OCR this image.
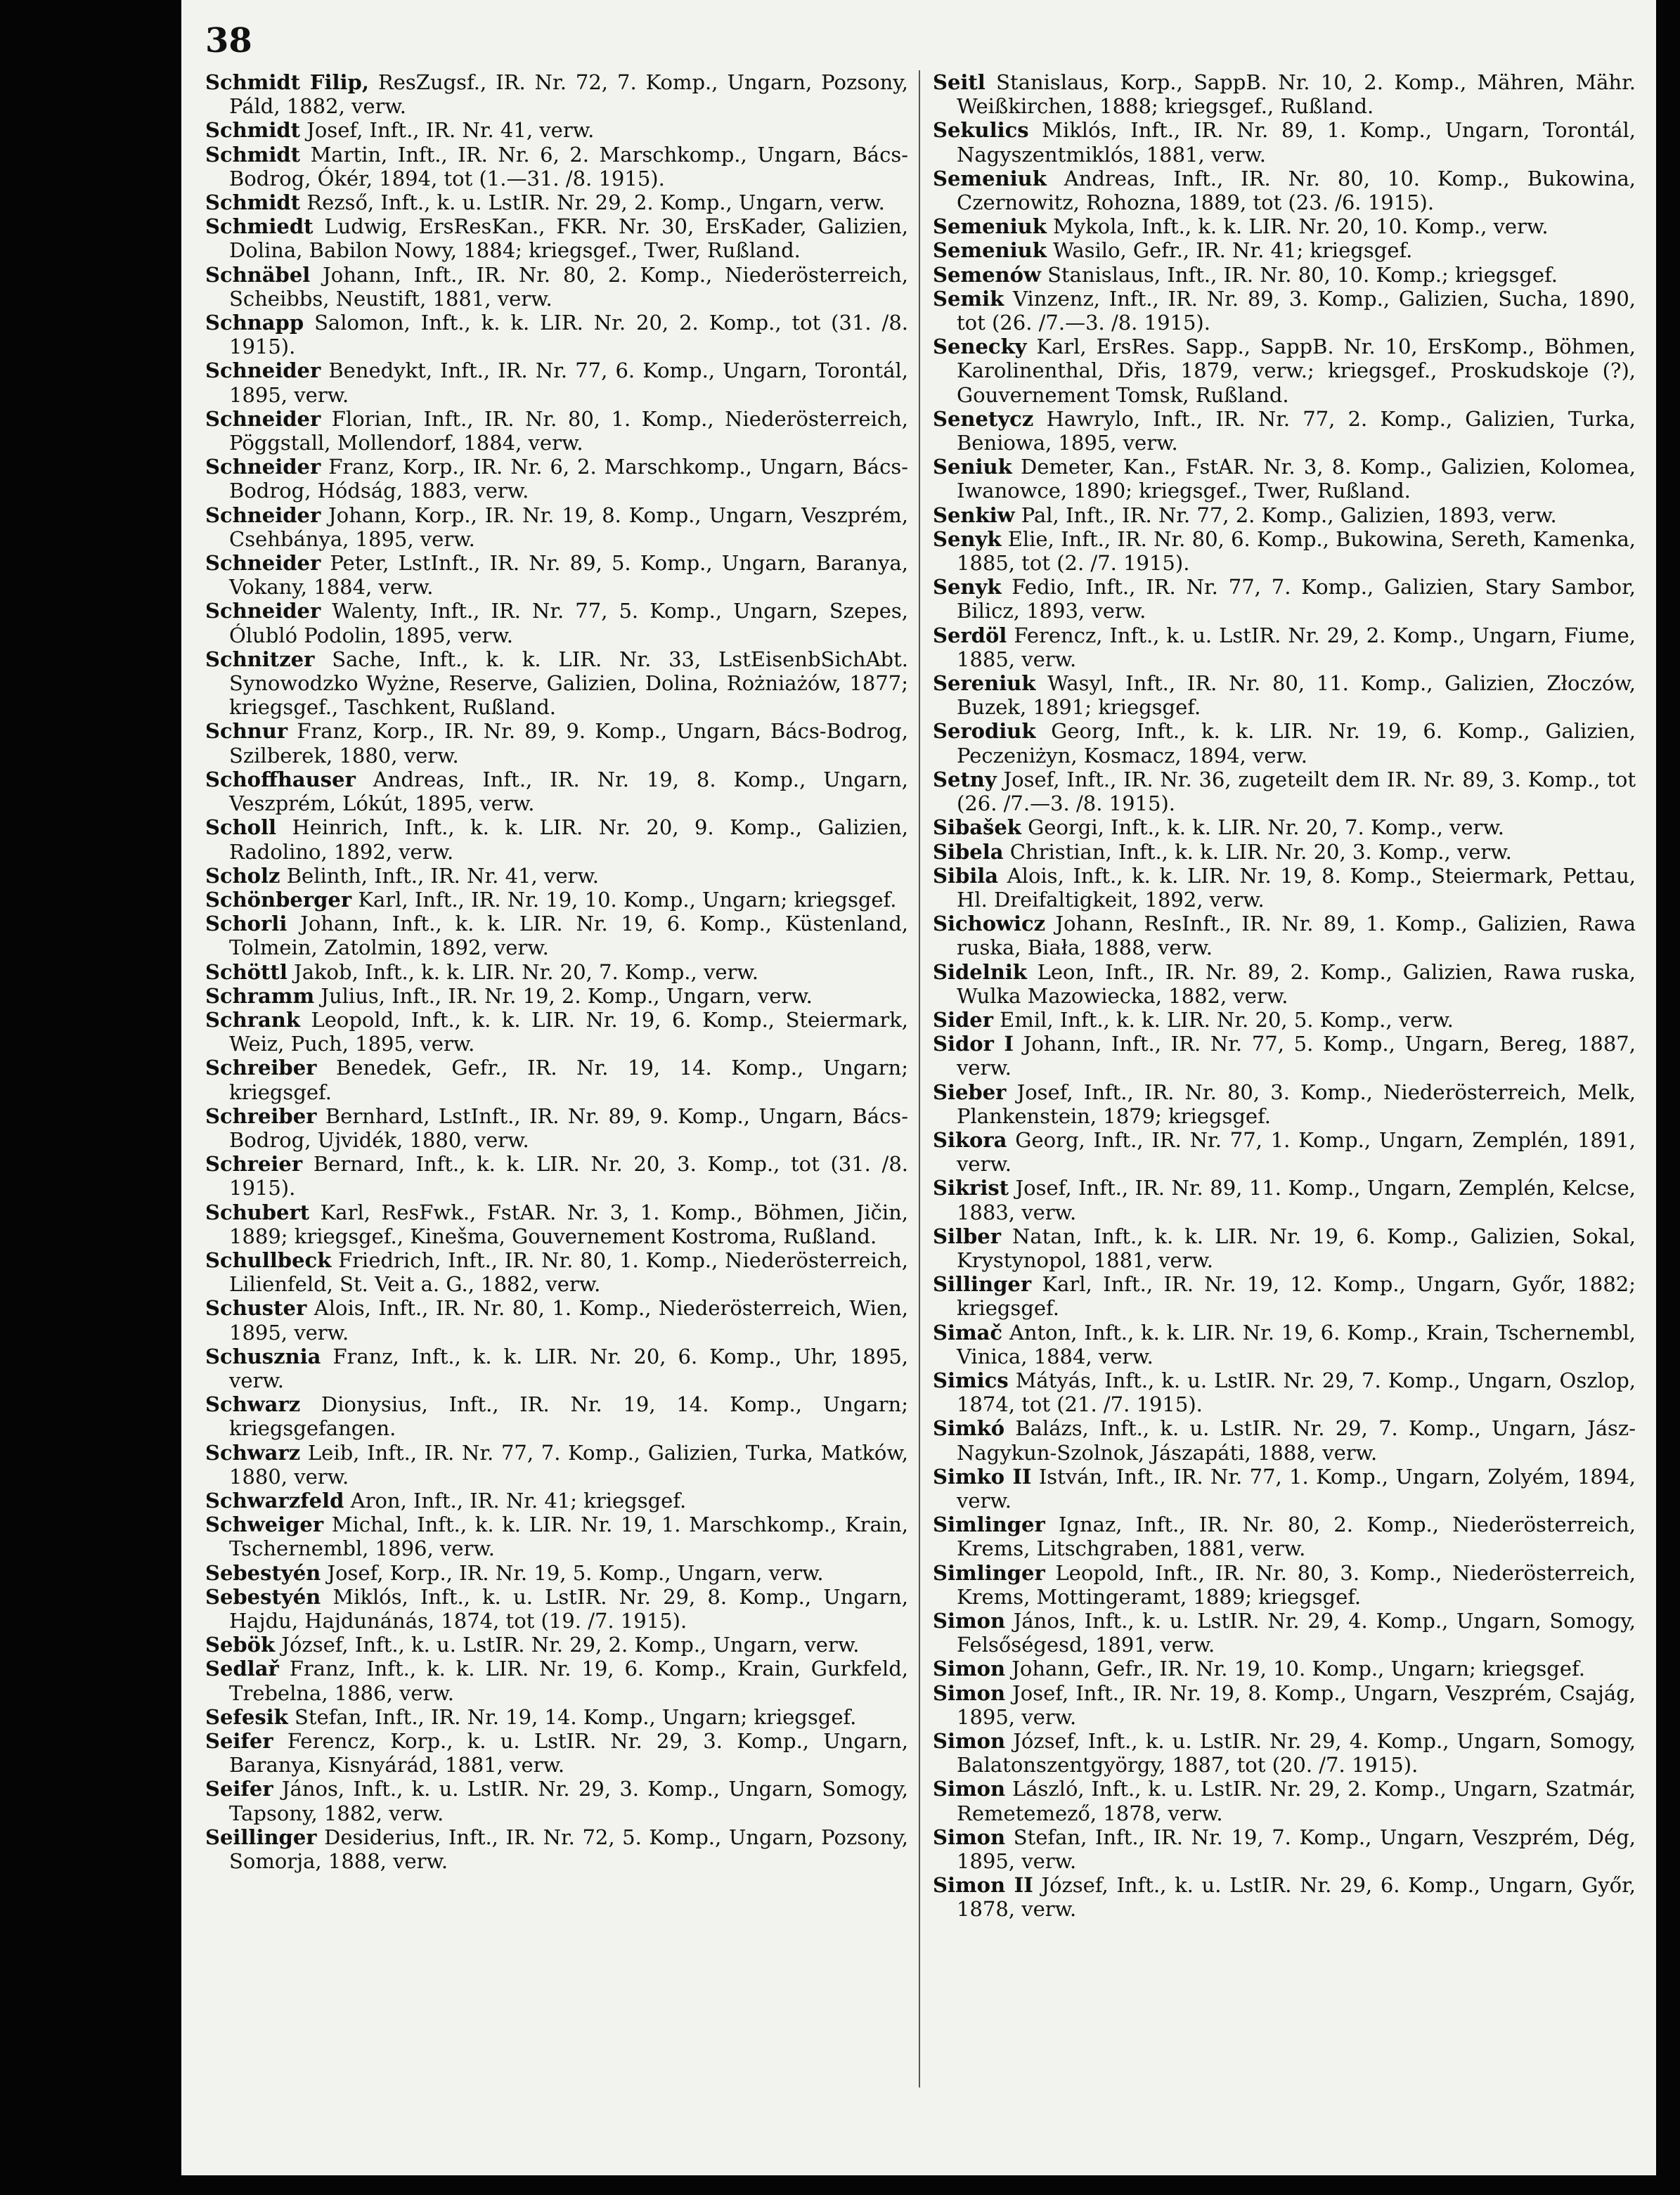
38
Schmidt Filip, ResZugsf., IR. Nr. 72, 7. Komp., Ungarn, Pozsony, Páld, 1882, verw.
Schmidt Josef, Inft., IR. Nr. 41, verw.
Schmidt Martin, Inft., IR. Nr. 6, 2. Marschkomp., Ungarn, Bács-Bodrog, Ókér, 1894, tot (1.—31. /8. 1915).
Schmidt Rezső, Inft., k. u. LstIR. Nr. 29, 2. Komp., Ungarn, verw.
Schmiedt Ludwig, ErsResKan., FKR. Nr. 30, ErsKader, Galizien, Dolina, Babilon Nowy, 1884; kriegsgef., Twer, Rußland.
Schnäbel Johann, Inft., IR. Nr. 80, 2. Komp., Niederösterreich, Scheibbs, Neustift, 1881, verw.
Schnapp Salomon, Inft., k. k. LIR. Nr. 20, 2. Komp., tot (31. /8. 1915).
Schneider Benedykt, Inft., IR. Nr. 77, 6. Komp., Ungarn, Torontál, 1895, verw.
Schneider Florian, Inft., IR. Nr. 80, 1. Komp., Niederösterreich, Pöggstall, Mollendorf, 1884, verw.
Schneider Franz, Korp., IR. Nr. 6, 2. Marschkomp., Ungarn, Bács-Bodrog, Hódság, 1883, verw.
Schneider Johann, Korp., IR. Nr. 19, 8. Komp., Ungarn, Veszprém, Csehbánya, 1895, verw.
Schneider Peter, LstInft., IR. Nr. 89, 5. Komp., Ungarn, Baranya, Vokany, 1884, verw.
Schneider Walenty, Inft., IR. Nr. 77, 5. Komp., Ungarn, Szepes, Ólubló Podolin, 1895, verw.
Schnitzer Sache, Inft., k. k. LIR. Nr. 33, LstEisenbSichAbt. Synowodzko Wyżne, Reserve, Galizien, Dolina, Rożniażów, 1877; kriegsgef., Taschkent, Rußland.
Schnur Franz, Korp., IR. Nr. 89, 9. Komp., Ungarn, Bács-Bodrog, Szilberek, 1880, verw.
Schoffhauser Andreas, Inft., IR. Nr. 19, 8. Komp., Ungarn, Veszprém, Lókút, 1895, verw.
Scholl Heinrich, Inft., k. k. LIR. Nr. 20, 9. Komp., Galizien, Radolino, 1892, verw.
Scholz Belinth, Inft., IR. Nr. 41, verw.
Schönberger Karl, Inft., IR. Nr. 19, 10. Komp., Ungarn; kriegsgef.
Schorli Johann, Inft., k. k. LIR. Nr. 19, 6. Komp., Küstenland, Tolmein, Zatolmin, 1892, verw.
Schöttl Jakob, Inft., k. k. LIR. Nr. 20, 7. Komp., verw.
Schramm Julius, Inft., IR. Nr. 19, 2. Komp., Ungarn, verw.
Schrank Leopold, Inft., k. k. LIR. Nr. 19, 6. Komp., Steiermark, Weiz, Puch, 1895, verw.
Schreiber Benedek, Gefr., IR. Nr. 19, 14. Komp., Ungarn; kriegsgef.
Schreiber Bernhard, LstInft., IR. Nr. 89, 9. Komp., Ungarn, Bács-Bodrog, Ujvidék, 1880, verw.
Schreier Bernard, Inft., k. k. LIR. Nr. 20, 3. Komp., tot (31. /8. 1915).
Schubert Karl, ResFwk., FstAR. Nr. 3, 1. Komp., Böhmen, Jičin, 1889; kriegsgef., Kinešma, Gouvernement Kostroma, Rußland.
Schullbeck Friedrich, Inft., IR. Nr. 80, 1. Komp., Niederösterreich, Lilienfeld, St. Veit a. G., 1882, verw.
Schuster Alois, Inft., IR. Nr. 80, 1. Komp., Niederösterreich, Wien, 1895, verw.
Schusznia Franz, Inft., k. k. LIR. Nr. 20, 6. Komp., Uhr, 1895, verw.
Schwarz Dionysius, Inft., IR. Nr. 19, 14. Komp., Ungarn; kriegsgefangen.
Schwarz Leib, Inft., IR. Nr. 77, 7. Komp., Galizien, Turka, Matków, 1880, verw.
Schwarzfeld Aron, Inft., IR. Nr. 41; kriegsgef.
Schweiger Michal, Inft., k. k. LIR. Nr. 19, 1. Marschkomp., Krain, Tschernembl, 1896, verw.
Sebestyén Josef, Korp., IR. Nr. 19, 5. Komp., Ungarn, verw.
Sebestyén Miklós, Inft., k. u. LstIR. Nr. 29, 8. Komp., Ungarn, Hajdu, Hajdunánás, 1874, tot (19. /7. 1915).
Sebök József, Inft., k. u. LstIR. Nr. 29, 2. Komp., Ungarn, verw.
Sedlař Franz, Inft., k. k. LIR. Nr. 19, 6. Komp., Krain, Gurkfeld, Trebelna, 1886, verw.
Sefesik Stefan, Inft., IR. Nr. 19, 14. Komp., Ungarn; kriegsgef.
Seifer Ferencz, Korp., k. u. LstIR. Nr. 29, 3. Komp., Ungarn, Baranya, Kisnyárád, 1881, verw.
Seifer János, Inft., k. u. LstIR. Nr. 29, 3. Komp., Ungarn, Somogy, Tapsony, 1882, verw.
Seillinger Desiderius, Inft., IR. Nr. 72, 5. Komp., Ungarn, Pozsony, Somorja, 1888, verw.
Seitl Stanislaus, Korp., SappB. Nr. 10, 2. Komp., Mähren, Mähr. Weißkirchen, 1888; kriegsgef., Rußland.
Sekulics Miklós, Inft., IR. Nr. 89, 1. Komp., Ungarn, Torontál, Nagyszentmiklós, 1881, verw.
Semeniuk Andreas, Inft., IR. Nr. 80, 10. Komp., Bukowina, Czernowitz, Rohozna, 1889, tot (23. /6. 1915).
Semeniuk Mykola, Inft., k. k. LIR. Nr. 20, 10. Komp., verw.
Semeniuk Wasilo, Gefr., IR. Nr. 41; kriegsgef.
Semenów Stanislaus, Inft., IR. Nr. 80, 10. Komp.; kriegsgef.
Semik Vinzenz, Inft., IR. Nr. 89, 3. Komp., Galizien, Sucha, 1890, tot (26. /7.—3. /8. 1915).
Senecky Karl, ErsRes. Sapp., SappB. Nr. 10, ErsKomp., Böhmen, Karolinenthal, Dřis, 1879, verw.; kriegsgef., Proskudskoje (?), Gouvernement Tomsk, Rußland.
Senetycz Hawrylo, Inft., IR. Nr. 77, 2. Komp., Galizien, Turka, Beniowa, 1895, verw.
Seniuk Demeter, Kan., FstAR. Nr. 3, 8. Komp., Galizien, Kolomea, Iwanowce, 1890; kriegsgef., Twer, Rußland.
Senkiw Pal, Inft., IR. Nr. 77, 2. Komp., Galizien, 1893, verw.
Senyk Elie, Inft., IR. Nr. 80, 6. Komp., Bukowina, Sereth, Kamenka, 1885, tot (2. /7. 1915).
Senyk Fedio, Inft., IR. Nr. 77, 7. Komp., Galizien, Stary Sambor, Bilicz, 1893, verw.
Serdöl Ferencz, Inft., k. u. LstIR. Nr. 29, 2. Komp., Ungarn, Fiume, 1885, verw.
Sereniuk Wasyl, Inft., IR. Nr. 80, 11. Komp., Galizien, Złoczów, Buzek, 1891; kriegsgef.
Serodiuk Georg, Inft., k. k. LIR. Nr. 19, 6. Komp., Galizien, Peczeniżyn, Kosmacz, 1894, verw.
Setny Josef, Inft., IR. Nr. 36, zugeteilt dem IR. Nr. 89, 3. Komp., tot (26. /7.—3. /8. 1915).
Sibašek Georgi, Inft., k. k. LIR. Nr. 20, 7. Komp., verw.
Sibela Christian, Inft., k. k. LIR. Nr. 20, 3. Komp., verw.
Sibila Alois, Inft., k. k. LIR. Nr. 19, 8. Komp., Steiermark, Pettau, Hl. Dreifaltigkeit, 1892, verw.
Sichowicz Johann, ResInft., IR. Nr. 89, 1. Komp., Galizien, Rawa ruska, Biała, 1888, verw.
Sidelnik Leon, Inft., IR. Nr. 89, 2. Komp., Galizien, Rawa ruska, Wulka Mazowiecka, 1882, verw.
Sider Emil, Inft., k. k. LIR. Nr. 20, 5. Komp., verw.
Sidor I Johann, Inft., IR. Nr. 77, 5. Komp., Ungarn, Bereg, 1887, verw.
Sieber Josef, Inft., IR. Nr. 80, 3. Komp., Niederösterreich, Melk, Plankenstein, 1879; kriegsgef.
Sikora Georg, Inft., IR. Nr. 77, 1. Komp., Ungarn, Zemplén, 1891, verw.
Sikrist Josef, Inft., IR. Nr. 89, 11. Komp., Ungarn, Zemplén, Kelcse, 1883, verw.
Silber Natan, Inft., k. k. LIR. Nr. 19, 6. Komp., Galizien, Sokal, Krystynopol, 1881, verw.
Sillinger Karl, Inft., IR. Nr. 19, 12. Komp., Ungarn, Győr, 1882; kriegsgef.
Simač Anton, Inft., k. k. LIR. Nr. 19, 6. Komp., Krain, Tschernembl, Vinica, 1884, verw.
Simics Mátyás, Inft., k. u. LstIR. Nr. 29, 7. Komp., Ungarn, Oszlop, 1874, tot (21. /7. 1915).
Simkó Balázs, Inft., k. u. LstIR. Nr. 29, 7. Komp., Ungarn, Jász-Nagykun-Szolnok, Jászapáti, 1888, verw.
Simko II István, Inft., IR. Nr. 77, 1. Komp., Ungarn, Zolyém, 1894, verw.
Simlinger Ignaz, Inft., IR. Nr. 80, 2. Komp., Niederösterreich, Krems, Litschgraben, 1881, verw.
Simlinger Leopold, Inft., IR. Nr. 80, 3. Komp., Niederösterreich, Krems, Mottingeramt, 1889; kriegsgef.
Simon János, Inft., k. u. LstIR. Nr. 29, 4. Komp., Ungarn, Somogy, Felsőségesd, 1891, verw.
Simon Johann, Gefr., IR. Nr. 19, 10. Komp., Ungarn; kriegsgef.
Simon Josef, Inft., IR. Nr. 19, 8. Komp., Ungarn, Veszprém, Csajág, 1895, verw.
Simon József, Inft., k. u. LstIR. Nr. 29, 4. Komp., Ungarn, Somogy, Balatonszentgyörgy, 1887, tot (20. /7. 1915).
Simon László, Inft., k. u. LstIR. Nr. 29, 2. Komp., Ungarn, Szatmár, Remetemező, 1878, verw.
Simon Stefan, Inft., IR. Nr. 19, 7. Komp., Ungarn, Veszprém, Dég, 1895, verw.
Simon II József, Inft., k. u. LstIR. Nr. 29, 6. Komp., Ungarn, Győr, 1878, verw.
